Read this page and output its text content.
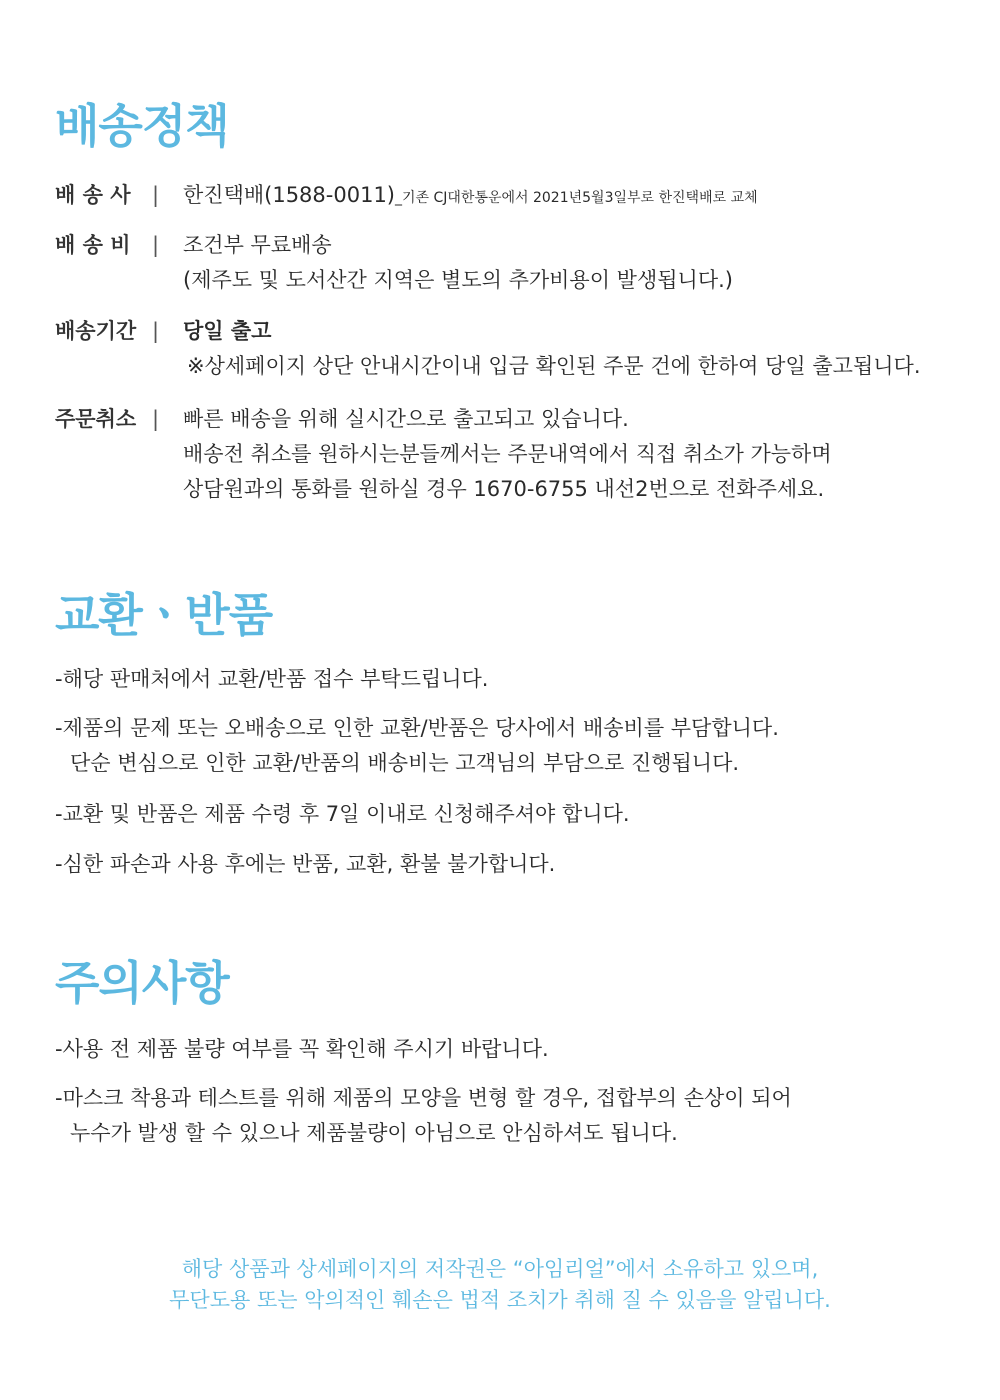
배송정책
배 송 사 | 한진택배(1588-0011)_기존 CJ대한통운에서 2021년5월3일부로 한진택배로 교체
배 송 비 | 조건부 무료배송
(제주도 및 도서산간 지역은 별도의 추가비용이 발생됩니다.)
배송기간 | 당일 출고
※상세페이지 상단 안내시간이내 입금 확인된 주문 건에 한하여 당일 출고됩니다.
주문취소 | 빠른 배송을 위해 실시간으로 출고되고 있습니다.
배송전 취소를 원하시는분들께서는 주문내역에서 직접 취소가 가능하며
상담원과의 통화를 원하실 경우 1670-6755 내선2번으로 전화주세요.
교환ㆍ반품
-해당 판매처에서 교환/반품 접수 부탁드립니다.
-제품의 문제 또는 오배송으로 인한 교환/반품은 당사에서 배송비를 부담합니다.
단순 변심으로 인한 교환/반품의 배송비는 고객님의 부담으로 진행됩니다.
-교환 및 반품은 제품 수령 후 7일 이내로 신청해주셔야 합니다.
-심한 파손과 사용 후에는 반품, 교환, 환불 불가합니다.
주의사항
-사용 전 제품 불량 여부를 꼭 확인해 주시기 바랍니다.
-마스크 착용과 테스트를 위해 제품의 모양을 변형 할 경우, 접합부의 손상이 되어
누수가 발생 할 수 있으나 제품불량이 아님으로 안심하셔도 됩니다.
해당 상품과 상세페이지의 저작권은 “아임리얼”에서 소유하고 있으며,
무단도용 또는 악의적인 훼손은 법적 조치가 취해 질 수 있음을 알립니다.
